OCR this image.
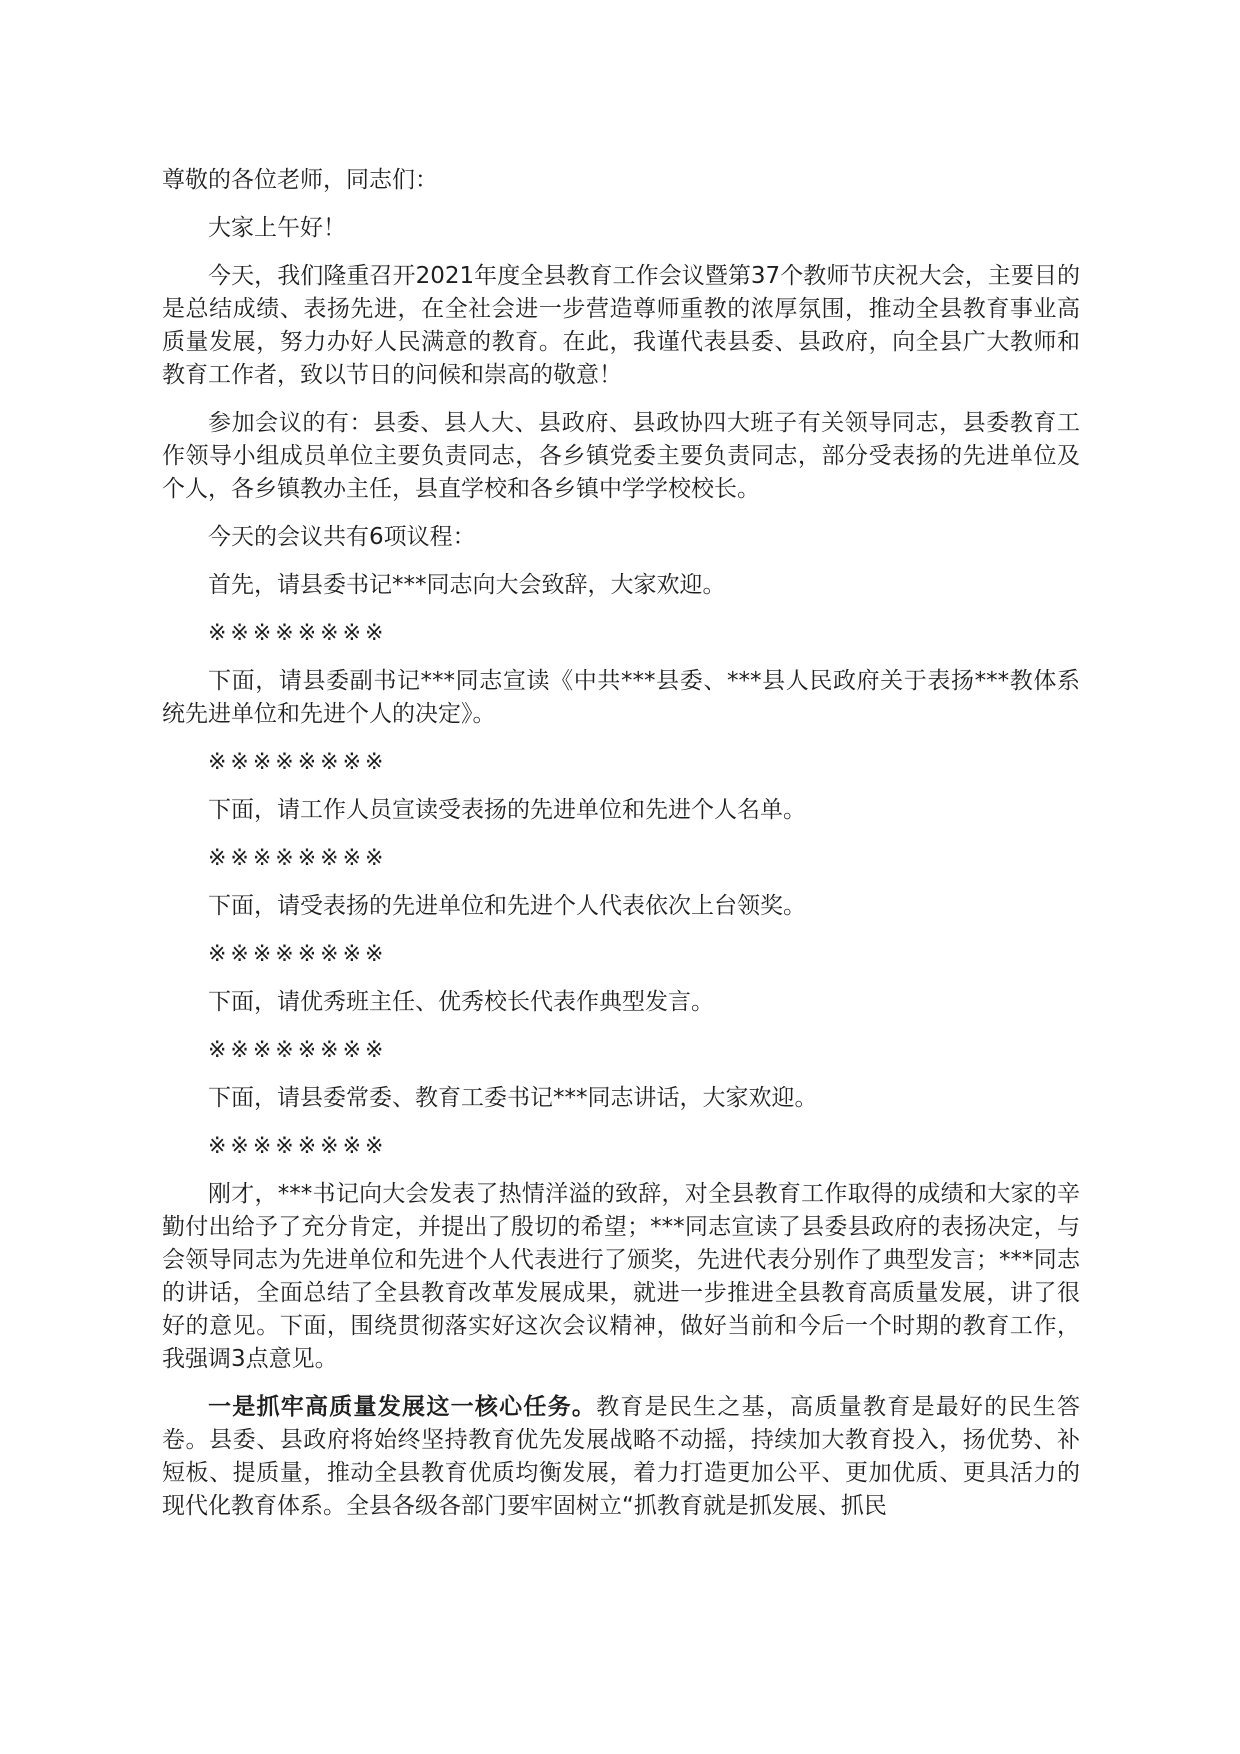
尊敬的各位老师，同志们：

大家上午好！

今天，我们隆重召开2021年度全县教育工作会议暨第37个教师节庆祝大会，主要目的是总结成绩、表扬先进，在全社会进一步营造尊师重教的浓厚氛围，推动全县教育事业高质量发展，努力办好人民满意的教育。在此，我谨代表县委、县政府，向全县广大教师和教育工作者，致以节日的问候和崇高的敬意！

参加会议的有：县委、县人大、县政府、县政协四大班子有关领导同志，县委教育工作领导小组成员单位主要负责同志，各乡镇党委主要负责同志，部分受表扬的先进单位及个人，各乡镇教办主任，县直学校和各乡镇中学学校校长。

今天的会议共有6项议程：

首先，请县委书记***同志向大会致辞，大家欢迎。

※※※※※※※※

下面，请县委副书记***同志宣读《中共***县委、***县人民政府关于表扬***教体系统先进单位和先进个人的决定》。

※※※※※※※※

下面，请工作人员宣读受表扬的先进单位和先进个人名单。

※※※※※※※※

下面，请受表扬的先进单位和先进个人代表依次上台领奖。

※※※※※※※※

下面，请优秀班主任、优秀校长代表作典型发言。

※※※※※※※※

下面，请县委常委、教育工委书记***同志讲话，大家欢迎。

※※※※※※※※

刚才，***书记向大会发表了热情洋溢的致辞，对全县教育工作取得的成绩和大家的辛勤付出给予了充分肯定，并提出了殷切的希望；***同志宣读了县委县政府的表扬决定，与会领导同志为先进单位和先进个人代表进行了颁奖，先进代表分别作了典型发言；***同志的讲话，全面总结了全县教育改革发展成果，就进一步推进全县教育高质量发展，讲了很好的意见。下面，围绕贯彻落实好这次会议精神，做好当前和今后一个时期的教育工作，我强调3点意见。

一是抓牢高质量发展这一核心任务。教育是民生之基，高质量教育是最好的民生答卷。县委、县政府将始终坚持教育优先发展战略不动摇，持续加大教育投入，扬优势、补短板、提质量，推动全县教育优质均衡发展，着力打造更加公平、更加优质、更具活力的现代化教育体系。全县各级各部门要牢固树立“抓教育就是抓发展、抓民
